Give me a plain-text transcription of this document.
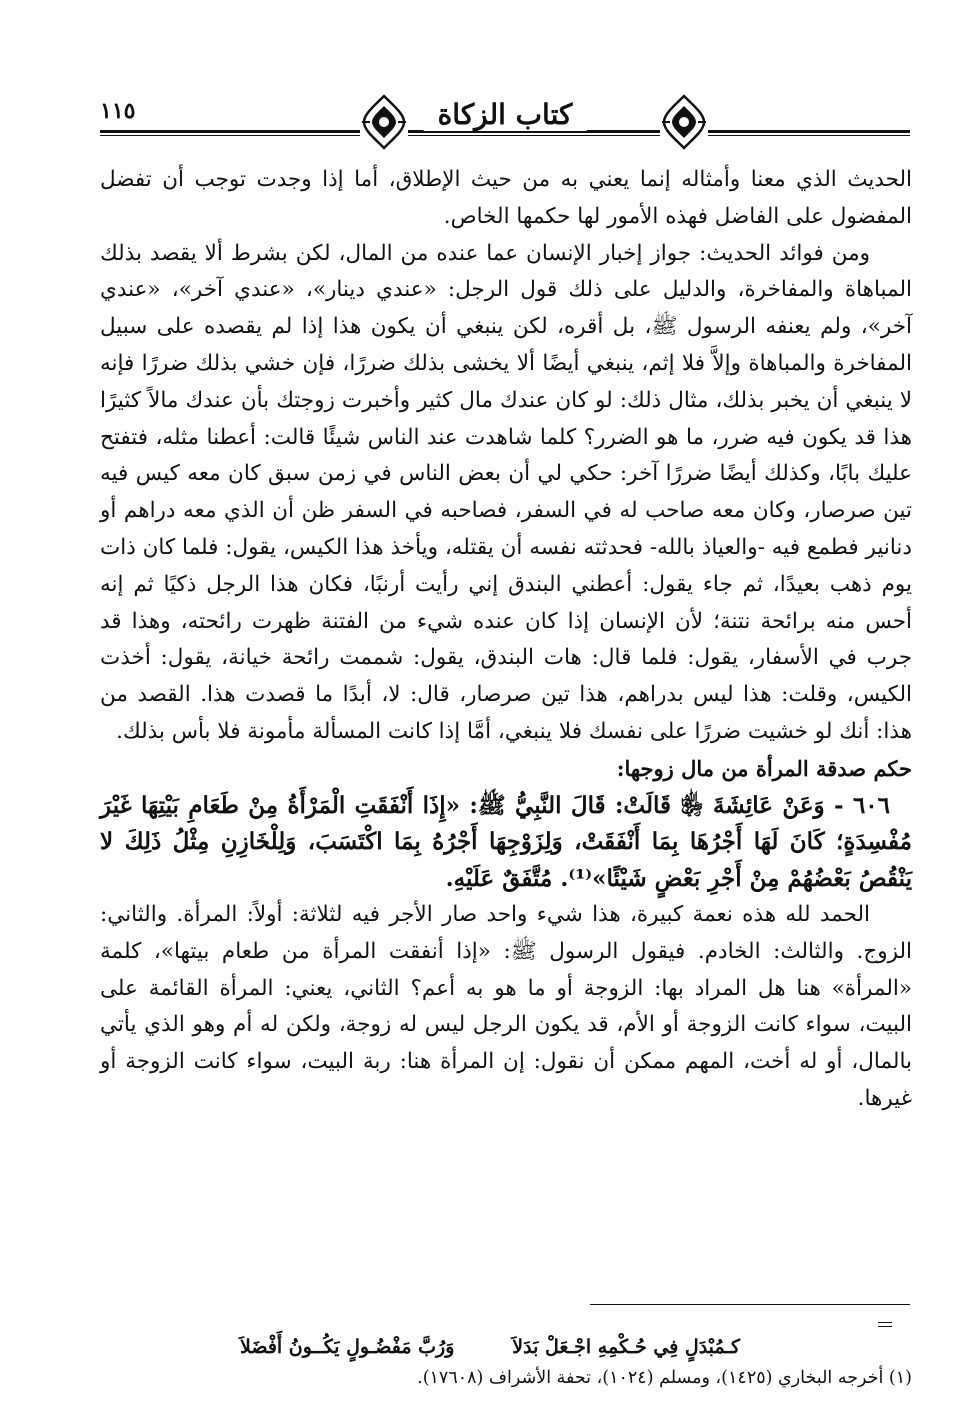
١١٥	كتاب الزكاة

الحديث الذي معنا وأمثاله إنما يعني به من حيث الإطلاق، أما إذا وجدت توجب أن تفضل المفضول على الفاضل فهذه الأمور لها حكمها الخاص.

ومن فوائد الحديث: جواز إخبار الإنسان عما عنده من المال، لكن بشرط ألا يقصد بذلك المباهاة والمفاخرة، والدليل على ذلك قول الرجل: «عندي دينار»، «عندي آخر»، «عندي آخر»، ولم يعنفه الرسول ﷺ، بل أقره، لكن ينبغي أن يكون هذا إذا لم يقصده على سبيل المفاخرة والمباهاة وإلاَّ فلا إثم، ينبغي أيضًا ألا يخشى بذلك ضررًا، فإن خشي بذلك ضررًا فإنه لا ينبغي أن يخبر بذلك، مثال ذلك: لو كان عندك مال كثير وأخبرت زوجتك بأن عندك مالاً كثيرًا هذا قد يكون فيه ضرر، ما هو الضرر؟ كلما شاهدت عند الناس شيئًا قالت: أعطنا مثله، فتفتح عليك بابًا، وكذلك أيضًا ضررًا آخر: حكي لي أن بعض الناس في زمن سبق كان معه كيس فيه تين صرصار، وكان معه صاحب له في السفر، فصاحبه في السفر ظن أن الذي معه دراهم أو دنانير فطمع فيه -والعياذ بالله- فحدثته نفسه أن يقتله، ويأخذ هذا الكيس، يقول: فلما كان ذات يوم ذهب بعيدًا، ثم جاء يقول: أعطني البندق إني رأيت أرنبًا، فكان هذا الرجل ذكيًا ثم إنه أحس منه برائحة نتنة؛ لأن الإنسان إذا كان عنده شيء من الفتنة ظهرت رائحته، وهذا قد جرب في الأسفار، يقول: فلما قال: هات البندق، يقول: شممت رائحة خيانة، يقول: أخذت الكيس، وقلت: هذا ليس بدراهم، هذا تين صرصار، قال: لا، أبدًا ما قصدت هذا. القصد من هذا: أنك لو خشيت ضررًا على نفسك فلا ينبغي، أمَّا إذا كانت المسألة مأمونة فلا بأس بذلك.

حكم صدقة المرأة من مال زوجها:

٦٠٦ - وَعَنْ عَائِشَةَ ﵂ قَالَتْ: قَالَ النَّبِيُّ ﷺ: «إِذَا أَنْفَقَتِ الْمَرْأَةُ مِنْ طَعَامِ بَيْتِهَا غَيْرَ مُفْسِدَةٍ؛ كَانَ لَهَا أَجْرُهَا بِمَا أَنْفَقَتْ، وَلِزَوْجِهَا أَجْرُهُ بِمَا اكْتَسَبَ، وَلِلْخَازِنِ مِثْلُ ذَلِكَ لا يَنْقُصُ بَعْضُهُمْ مِنْ أَجْرِ بَعْضٍ شَيْئًا»⁽¹⁾. مُتَّفَقٌ عَلَيْهِ.

الحمد لله هذه نعمة كبيرة، هذا شيء واحد صار الأجر فيه لثلاثة: أولاً: المرأة. والثاني: الزوج. والثالث: الخادم. فيقول الرسول ﷺ: «إذا أنفقت المرأة من طعام بيتها»، كلمة «المرأة» هنا هل المراد بها: الزوجة أو ما هو به أعم؟ الثاني، يعني: المرأة القائمة على البيت، سواء كانت الزوجة أو الأم، قد يكون الرجل ليس له زوجة، ولكن له أم وهو الذي يأتي بالمال، أو له أخت، المهم ممكن أن نقول: إن المرأة هنا: ربة البيت، سواء كانت الزوجة أو غيرها.

كـمُبْدَلٍ فِي حُـكْمِهِ اجْـعَلْ بَدَلاَ
وَرُبَّ مَفْضُـولٍ يَكُــونُ أَفْضَلاَ
(١) أخرجه البخاري (١٤٢٥)، ومسلم (١٠٢٤)، تحفة الأشراف (١٧٦٠٨).
